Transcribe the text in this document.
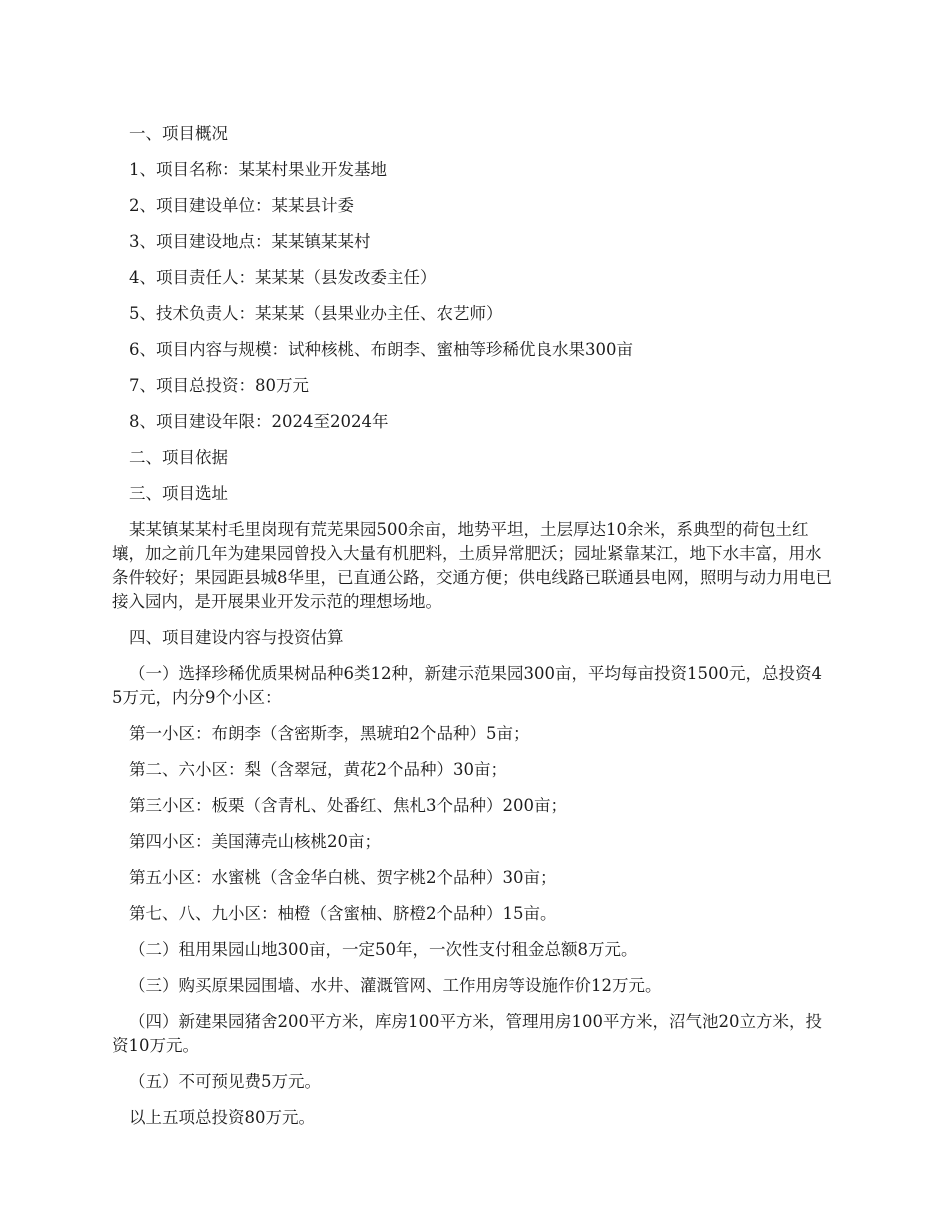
一、项目概况

1、项目名称：某某村果业开发基地

2、项目建设单位：某某县计委

3、项目建设地点：某某镇某某村

4、项目责任人：某某某（县发改委主任）

5、技术负责人：某某某（县果业办主任、农艺师）

6、项目内容与规模：试种核桃、布朗李、蜜柚等珍稀优良水果300亩

7、项目总投资：80万元

8、项目建设年限：2024至2024年

二、项目依据

三、项目选址

某某镇某某村毛里岗现有荒芜果园500余亩，地势平坦，土层厚达10余米，系典型的荷包土红壤，加之前几年为建果园曾投入大量有机肥料，土质异常肥沃；园址紧靠某江，地下水丰富，用水条件较好；果园距县城8华里，已直通公路，交通方便；供电线路已联通县电网，照明与动力用电已接入园内，是开展果业开发示范的理想场地。

四、项目建设内容与投资估算

（一）选择珍稀优质果树品种6类12种，新建示范果园300亩，平均每亩投资1500元，总投资45万元，内分9个小区：

第一小区：布朗李（含密斯李，黑琥珀2个品种）5亩；

第二、六小区：梨（含翠冠，黄花2个品种）30亩；

第三小区：板栗（含青札、处番红、焦札3个品种）200亩；

第四小区：美国薄壳山核桃20亩；

第五小区：水蜜桃（含金华白桃、贺字桃2个品种）30亩；

第七、八、九小区：柚橙（含蜜柚、脐橙2个品种）15亩。

（二）租用果园山地300亩，一定50年，一次性支付租金总额8万元。

（三）购买原果园围墙、水井、灌溉管网、工作用房等设施作价12万元。

（四）新建果园猪舍200平方米，库房100平方米，管理用房100平方米，沼气池20立方米，投资10万元。

（五）不可预见费5万元。

以上五项总投资80万元。
